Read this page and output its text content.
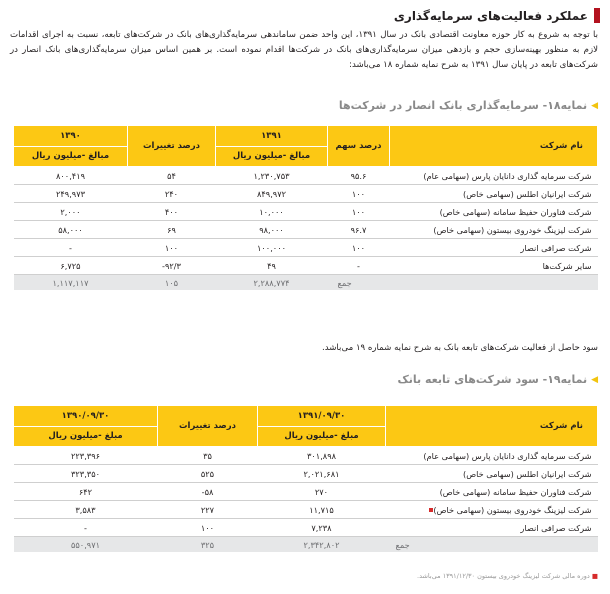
عملکرد فعالیت‌های سرمایه‌گذاری
با توجه به شروع به کار حوزه معاونت اقتصادی بانک در سال ۱۳۹۱، این واحد ضمن ساماندهی سرمایه‌گذاری‌های بانک در شرکت‌های تابعه، نسبت به اجرای اقدامات لازم به منظور بهینه‌سازی حجم و بازدهی میزان سرمایه‌گذاری‌های بانک در شرکت‌ها اقدام نموده است. بر همین اساس میزان سرمایه‌گذاری‌های بانک انصار در شرکت‌های تابعه در پایان سال ۱۳۹۱ به شرح نمایه شماره ۱۸ می‌باشد:
◀
نمایه۱۸- سرمایه‌گذاری بانک انصار در شرکت‌ها
نام شرکت	درصد سهم	۱۳۹۱	درصد تغییرات	۱۳۹۰
		مبالغ -میلیون ریال		مبالغ -میلیون ریال
شرکت سرمایه گذاری دانایان پارس (سهامی عام)	۹۵.۶	۱,۲۳۰,۷۵۳	۵۴	۸۰۰,۴۱۹
شرکت ایرانیان اطلس (سهامی خاص)	۱۰۰	۸۴۹,۹۷۲	۲۴۰	۲۴۹,۹۷۳
شرکت فناوران حفیظ سامانه (سهامی خاص)	۱۰۰	۱۰,۰۰۰	۴۰۰	۲,۰۰۰
شرکت لیزینگ خودروی بیستون (سهامی خاص)	۹۶.۷	۹۸,۰۰۰	۶۹	۵۸,۰۰۰
شرکت صرافی انصار	۱۰۰	۱۰۰,۰۰۰	۱۰۰	-
سایر شرکت‌ها	-	۴۹	۹۲/۳-	۶,۷۲۵
جمع		۲,۲۸۸,۷۷۴	۱۰۵	۱,۱۱۷,۱۱۷
سود حاصل از فعالیت شرکت‌های تابعه بانک به شرح نمایه شماره ۱۹ می‌باشد.
◀
نمایه۱۹- سود شرکت‌های تابعه بانک
نام شرکت	۱۳۹۱/۰۹/۳۰	درصد تغییرات	۱۳۹۰/۰۹/۳۰
	مبلغ -میلیون ریال		مبلغ -میلیون ریال
شرکت سرمایه گذاری دانایان پارس (سهامی عام)	۳۰۱,۸۹۸	۳۵	۲۲۳,۳۹۶
شرکت ایرانیان اطلس (سهامی خاص)	۲,۰۲۱,۶۸۱	۵۲۵	۳۲۳,۳۵۰
شرکت فناوران حفیظ سامانه (سهامی خاص)	۲۷۰	۵۸-	۶۴۲
شرکت لیزینگ خودروی بیستون (سهامی خاص)	۱۱,۷۱۵	۲۲۷	۳,۵۸۳
شرکت صرافی انصار	۷,۲۳۸	۱۰۰	-
جمع	۲,۳۴۲,۸۰۲	۳۲۵	۵۵۰,۹۷۱
■ دوره مالی شرکت لیزینگ خودروی بیستون ۱۳۹۱/۱۲/۳۰ می‌باشد.
